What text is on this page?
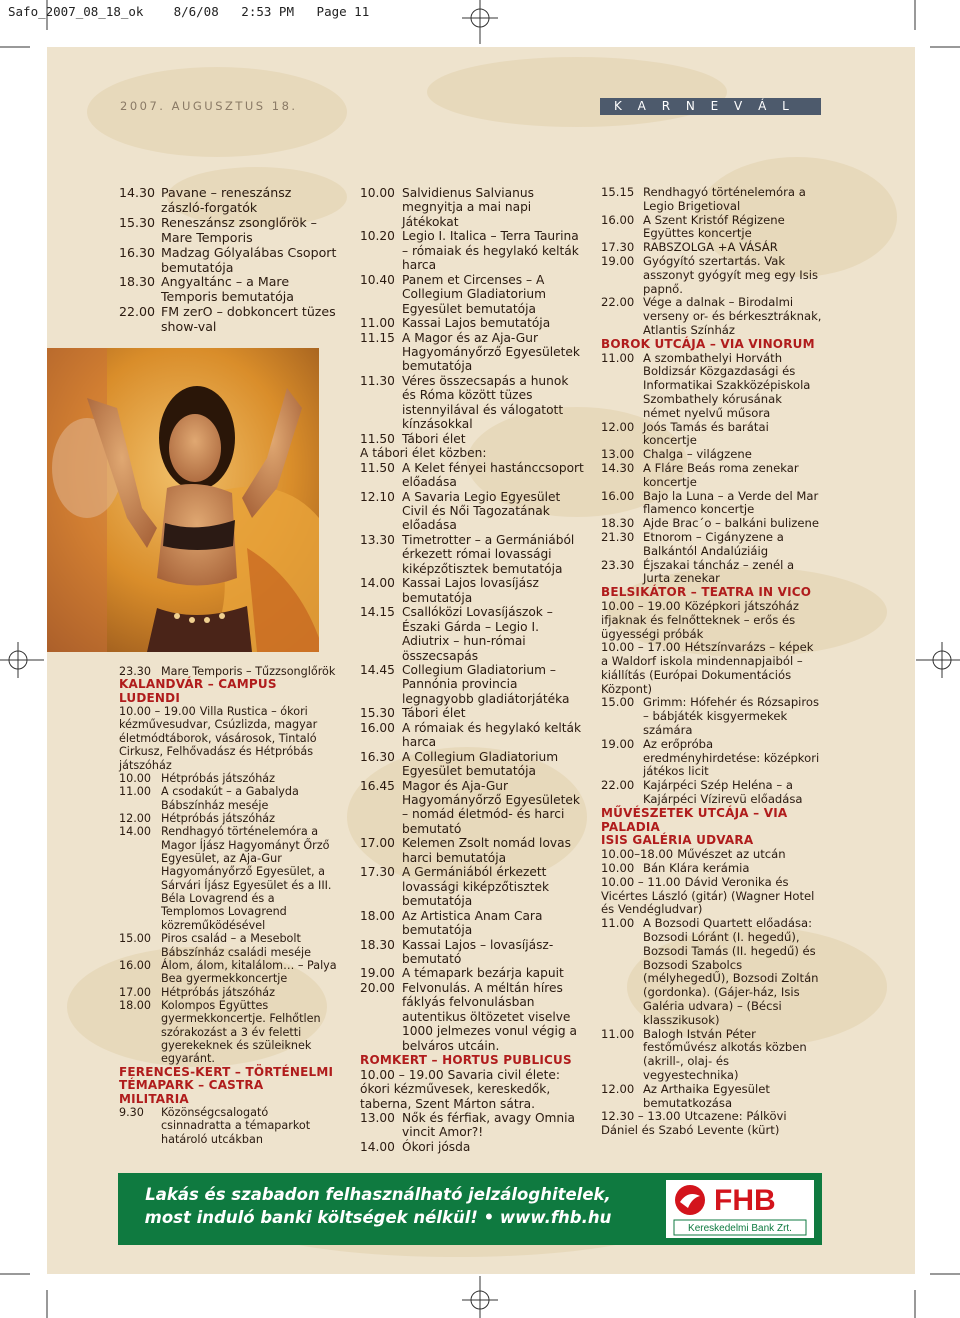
Safo_2007_08_18_ok    8/6/08   2:53 PM   Page 11
2007. AUGUSZTUS 18.	K A R N E V Á L
14.30 Pavane – reneszánsz zászló-forgatók
15.30 Reneszánsz zsonglőrök – Mare Temporis
16.30 Madzag Gólyalábas Csoport bemutatója
18.30 Angyaltánc – a Mare Temporis bemutatója
22.00 FM zerO – dobkoncert tüzes show-val
23.30 Mare Temporis – Tűzzsonglőrök
KALANDVÁR – CAMPUS LUDENDI
10.00 – 19.00 Villa Rustica – ókori kézművesudvar, Csúzlizda, magyar életmódtáborok, vásárosok, Tintaló Cirkusz, Felhővadász és Hétpróbás játszóház
10.00 Hétpróbás játszóház
11.00 A csodakút – a Gabalyda Bábszínház meséje
12.00 Hétpróbás játszóház
14.00 Rendhagyó történelemóra a Magor Íjász Hagyományt Őrző Egyesület, az Aja-Gur Hagyományőrző Egyesület, a Sárvári Íjász Egyesület és a III. Béla Lovagrend és a Templomos Lovagrend közreműködésével
15.00 Piros család – a Mesebolt Bábszínház családi meséje
16.00 Álom, álom, kitalálom… – Palya Bea gyermekkoncertje
17.00 Hétpróbás játszóház
18.00 Kolompos Együttes gyermekkoncertje. Felhőtlen szórakozást a 3 év feletti gyerekeknek és szüleiknek egyaránt.
FERENCES-KERT – TÖRTÉNELMI TÉMAPARK – CASTRA MILITARIA
9.30 Közönségcsalogató csinnadratta a témaparkot határoló utcákban
10.00 Salvidienus Salvianus megnyitja a mai napi Játékokat
10.20 Legio I. Italica – Terra Taurina – rómaiak és hegylakó kelták harca
10.40 Panem et Circenses – A Collegium Gladiatorium Egyesület bemutatója
11.00 Kassai Lajos bemutatója
11.15 A Magor és az Aja-Gur Hagyományőrző Egyesületek bemutatója
11.30 Véres összecsapás a hunok és Róma között tüzes istennyilával és válogatott kínzásokkal
11.50 Tábori élet
A tábori élet közben:
11.50 A Kelet fényei hastánccsoport előadása
12.10 A Savaria Legio Egyesület Civil és Női Tagozatának előadása
13.30 Timetrotter – a Germániából érkezett római lovassági kiképzőtisztek bemutatója
14.00 Kassai Lajos lovasíjász bemutatója
14.15 Csallóközi Lovasíjászok – Északi Gárda – Legio I. Adiutrix – hun-római összecsapás
14.45 Collegium Gladiatorium – Pannónia provincia legnagyobb gladiátorjátéka
15.30 Tábori élet
16.00 A rómaiak és hegylakó kelták harca
16.30 A Collegium Gladiatorium Egyesület bemutatója
16.45 Magor és Aja-Gur Hagyományőrző Egyesületek – nomád életmód- és harci bemutató
17.00 Kelemen Zsolt nomád lovas harci bemutatója
17.30 A Germániából érkezett lovassági kiképzőtisztek bemutatója
18.00 Az Artistica Anam Cara bemutatója
18.30 Kassai Lajos – lovasíjász-bemutató
19.00 A témapark bezárja kapuit
20.00 Felvonulás. A méltán híres fáklyás felvonulásban autentikus öltözetet viselve 1000 jelmezes vonul végig a belváros utcáin.
ROMKERT – HORTUS PUBLICUS
10.00 – 19.00 Savaria civil élete: ókori kézművesek, kereskedők, taberna, Szent Márton sátra.
13.00 Nők és férfiak, avagy Omnia vincit Amor?!
14.00 Ókori jósda
15.15 Rendhagyó történelemóra a Legio Brigetioval
16.00 A Szent Kristóf Régizene Együttes koncertje
17.30 RABSZOLGA +A VÁSÁR
19.00 Gyógyító szertartás. Vak asszonyt gyógyít meg egy Isis papnő.
22.00 Vége a dalnak – Birodalmi verseny or- és bérkesztráknak, Atlantis Színház
BOROK UTCÁJA – VIA VINORUM
11.00 A szombathelyi Horváth Boldizsár Közgazdasági és Informatikai Szakközépiskola Szombathely kórusának német nyelvű műsora
12.00 Joós Tamás és barátai koncertje
13.00 Chalga – világzene
14.30 A Fláre Beás roma zenekar koncertje
16.00 Bajo la Luna – a Verde del Mar flamenco koncertje
18.30 Ajde Brac´o – balkáni bulizene
21.30 Etnorom – Cigányzene a Balkántól Andalúziáig
23.30 Éjszakai táncház – zenél a Jurta zenekar
BELSIKÁTOR – TEATRA IN VICO
10.00 – 19.00 Középkori játszóház ifjaknak és felnőtteknek – erős és ügyességi próbák
10.00 – 17.00 Hétszínvarázs – képek a Waldorf iskola mindennapjaiból – kiállítás (Európai Dokumentációs Központ)
15.00 Grimm: Hófehér és Rózsapiros – bábjáték kisgyermekek számára
19.00 Az erőpróba eredményhirdetése: középkori játékos licit
22.00 Kajárpéci Szép Heléna – a Kajárpéci Vízirevü előadása
MŰVÉSZETEK UTCÁJA – VIA PALADIA
ISIS GALÉRIA UDVARA
10.00–18.00 Művészet az utcán
10.00 Bán Klára kerámia
10.00 – 11.00 Dávid Veronika és Vicértes László (gitár) (Wagner Hotel és Vendégludvar)
11.00 A Bozsodi Quartett előadása: Bozsodi Lóránt (I. hegedű), Bozsodi Tamás (II. hegedű) és Bozsodi Szabolcs (mélyhegedŰ), Bozsodi Zoltán (gordonka). (Gájer-ház, Isis Galéria udvara) – (Bécsi klasszikusok)
11.00 Balogh István Péter festőművész alkotás közben (akrill-, olaj- és vegyestechnika)
12.00 Az Arthaika Egyesület bemutatkozása
12.30 – 13.00 Utcazene: Pálkövi Dániel és Szabó Levente (kürt)
Lakás és szabadon felhasználható jelzáloghitelek,
most induló banki költségek nélkül! • www.fhb.hu
FHB
Kereskedelmi Bank Zrt.
